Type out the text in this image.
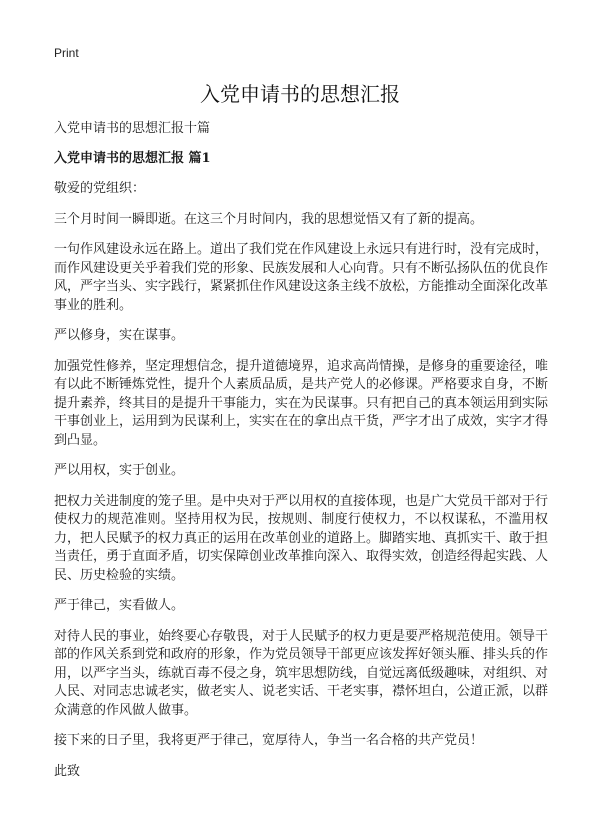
Print
入党申请书的思想汇报

入党申请书的思想汇报十篇

入党申请书的思想汇报 篇1

敬爱的党组织：

三个月时间一瞬即逝。在这三个月时间内，我的思想觉悟又有了新的提高。

一句作风建设永远在路上。道出了我们党在作风建设上永远只有进行时，没有完成时，而作风建设更关乎着我们党的形象、民族发展和人心向背。只有不断弘扬队伍的优良作风，严字当头、实字践行，紧紧抓住作风建设这条主线不放松，方能推动全面深化改革事业的胜利。

严以修身，实在谋事。

加强党性修养，坚定理想信念，提升道德境界，追求高尚情操，是修身的重要途径，唯有以此不断锤炼党性，提升个人素质品质，是共产党人的必修课。严格要求自身，不断提升素养，终其目的是提升干事能力，实在为民谋事。只有把自己的真本领运用到实际干事创业上，运用到为民谋利上，实实在在的拿出点干货，严字才出了成效，实字才得到凸显。

严以用权，实于创业。

把权力关进制度的笼子里。是中央对于严以用权的直接体现，也是广大党员干部对于行使权力的规范准则。坚持用权为民，按规则、制度行使权力，不以权谋私，不滥用权力，把人民赋予的权力真正的运用在改革创业的道路上。脚踏实地、真抓实干、敢于担当责任，勇于直面矛盾，切实保障创业改革推向深入、取得实效，创造经得起实践、人民、历史检验的实绩。

严于律己，实看做人。

对待人民的事业，始终要心存敬畏，对于人民赋予的权力更是要严格规范使用。领导干部的作风关系到党和政府的形象，作为党员领导干部更应该发挥好领头雁、排头兵的作用，以严字当头，练就百毒不侵之身，筑牢思想防线，自觉远离低级趣味，对组织、对人民、对同志忠诚老实，做老实人、说老实话、干老实事，襟怀坦白，公道正派，以群众满意的作风做人做事。

接下来的日子里，我将更严于律己，宽厚待人，争当一名合格的共产党员！

此致
